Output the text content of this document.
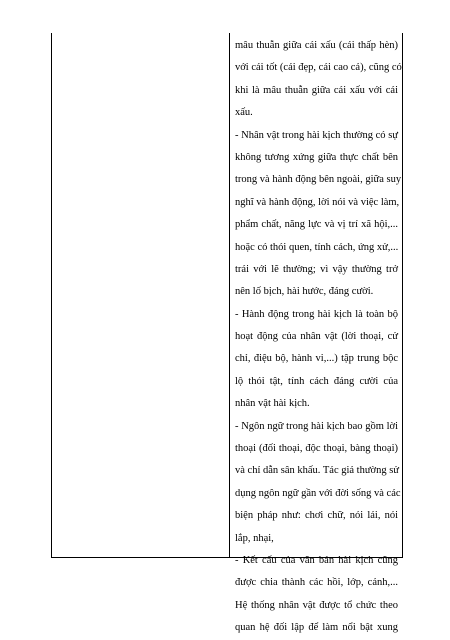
mâu thuẫn giữa cái xấu (cái thấp hèn)
với cái tốt (cái đẹp, cái cao cả), cũng có
khi là mâu thuẫn giữa cái xấu với cái
xấu.
- Nhân vật trong hài kịch thường có sự
không tương xứng giữa thực chất bên
trong và hành động bên ngoài, giữa suy
nghĩ và hành động, lời nói và việc làm,
phẩm chất, năng lực và vị trí xã hội,...
hoặc có thói quen, tính cách, ứng xử,...
trái với lẽ thường; vì vậy thường trở
nên lố bịch, hài hước, đáng cười.
- Hành động trong hài kịch là toàn bộ
hoạt động của nhân vật (lời thoại, cử
chỉ, điệu bộ, hành vi,...) tập trung bộc
lộ thói tật, tính cách đáng cười của
nhân vật hài kịch.
- Ngôn ngữ trong hài kịch bao gồm lời
thoại (đối thoại, độc thoại, bàng thoại)
và chỉ dẫn sân khấu. Tác giả thường sử
dụng ngôn ngữ gần với đời sống và các
biện pháp như: chơi chữ, nói lái, nói
lắp, nhại,
- Kết cấu của văn bản hài kịch cũng
được chia thành các hồi, lớp, cảnh,...
Hệ thống nhân vật được tổ chức theo
quan hệ đối lập để làm nổi bật xung
